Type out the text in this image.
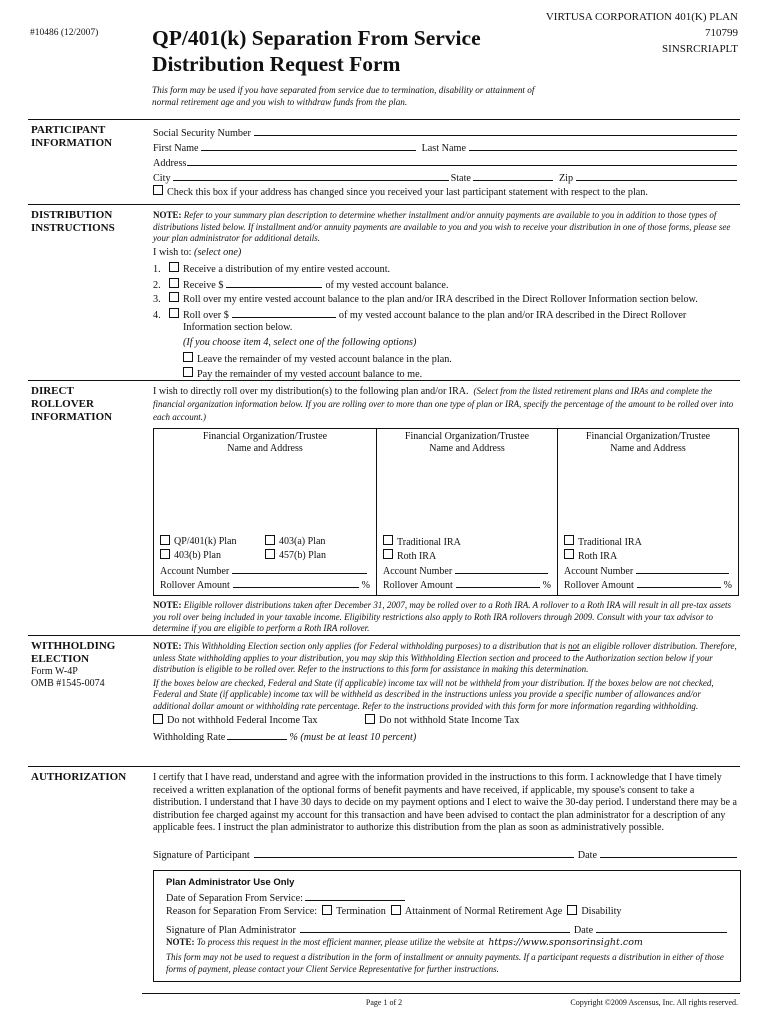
#10486 (12/2007) QP/401(k) Separation From Service
Distribution Request Form
VIRTUSA CORPORATION 401(K) PLAN
710799
SINSRCRIAPLT
This form may be used if you have separated from service due to termination, disability or attainment of normal retirement age and you wish to withdraw funds from the plan.
PARTICIPANT
INFORMATION
Social Security Number
First Name	Last Name
Address
City	State	Zip
Check this box if your address has changed since you received your last participant statement with respect to the plan.
DISTRIBUTION
INSTRUCTIONS
NOTE: Refer to your summary plan description to determine whether installment and/or annuity payments are available to you in addition to those types of distributions listed below. If installment and/or annuity payments are available to you and you wish to receive your distribution in one of those forms, please see your plan administrator for additional details.
I wish to:
(select one)
1.	Receive a distribution of my entire vested account.
2.	Receive $	of my vested account balance.
3.	Roll over my entire vested account balance to the plan and/or IRA described in the Direct Rollover Information section below.
4.	Roll over $	of my vested account balance to the plan and/or IRA described in the Direct Rollover
Information section below.
(If you choose item 4, select one of the following options)
Leave the remainder of my vested account balance in the plan.
Pay the remainder of my vested account balance to me.
DIRECT
ROLLOVER
INFORMATION
I wish to directly roll over my distribution(s) to the following plan and/or IRA. (Select from the listed retirement plans and IRAs and complete the financial organization information below. If you are rolling over to more than one type of plan or IRA, specify the percentage of the amount to be rolled over into each account.)
Financial Organization/Trustee
Name and Address
QP/401(k) Plan	403(a) Plan
403(b) Plan	457(b) Plan
Account Number
Rollover Amount	%

Financial Organization/Trustee
Name and Address
Traditional IRA
Roth IRA
Account Number
Rollover Amount	%

Financial Organization/Trustee
Name and Address
Traditional IRA
Roth IRA
Account Number
Rollover Amount	%
NOTE: Eligible rollover distributions taken after December 31, 2007, may be rolled over to a Roth IRA. A rollover to a Roth IRA will result in all pre-tax assets you roll over being included in your taxable income. Eligibility restrictions also apply to Roth IRA rollovers through 2009. Consult with your tax advisor to determine if you are eligible to perform a Roth IRA rollover.
WITHHOLDING
ELECTION
Form W-4P
OMB #1545-0074
NOTE: This Withholding Election section only applies (for Federal withholding purposes) to a distribution that is not an eligible rollover distribution. Therefore, unless State withholding applies to your distribution, you may skip this Withholding Election section and proceed to the Authorization section below if your distribution is eligible to be rolled over. Refer to the instructions to this form for assistance in making this determination.
If the boxes below are checked, Federal and State (if applicable) income tax will not be withheld from your distribution. If the boxes below are not checked, Federal and State (if applicable) income tax will be withheld as described in the instructions unless you provide a specific number of allowances and/or additional dollar amount or withholding rate percentage. Refer to the instructions provided with this form for more information regarding withholding.
Do not withhold Federal Income Tax	Do not withhold State Income Tax
Withholding Rate	% (must be at least 10 percent)
AUTHORIZATION	I certify that I have read, understand and agree with the information provided in the instructions to this form. I acknowledge that I have timely received a written explanation of the optional forms of benefit payments and have received, if applicable, my spouse's consent to take a distribution. I understand that I have 30 days to decide on my payment options and I elect to waive the 30-day period. I understand there may be a distribution fee charged against my account for this transaction and have been advised to contact the plan administrator for a description of any applicable fees. I instruct the plan administrator to authorize this distribution from the plan as soon as administratively possible.
Signature of Participant	Date
Plan Administrator Use Only
Date of Separation From Service:
Reason for Separation From Service:
	Termination
	Attainment of Normal Retirement Age
	Disability
Signature of Plan Administrator	Date
NOTE:
To process this request in the most efficient manner, please utilize the website at
https://www.sponsorinsight.com
This form may not be used to request a distribution in the form of installment or annuity payments. If a participant requests a distribution in either of those forms of payment, please contact your Client Service Representative for further instructions.
Page 1 of 2	Copyright ©2009 Ascensus, Inc. All rights reserved.
